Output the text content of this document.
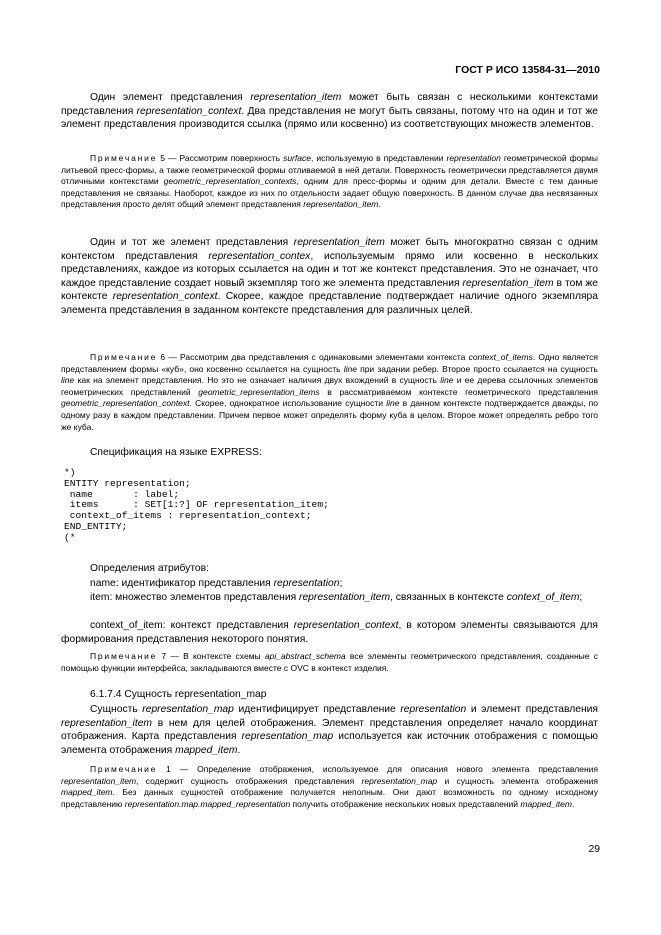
ГОСТ Р ИСО 13584-31—2010

Один элемент представления representation_item может быть связан с несколькими контекстами представления representation_context. Два представления не могут быть связаны, потому что на один и тот же элемент представления производится ссылка (прямо или косвенно) из соответствующих множеств элементов.

Примечание 5 — Рассмотрим поверхность surface, используемую в представлении representation геометрической формы литьевой пресс-формы, а также геометрической формы отливаемой в ней детали. Поверхность геометрически представляется двумя отличными контекстами geometric_representation_contexts, одним для пресс-формы и одним для детали. Вместе с тем данные представления не связаны. Наоборот, каждое из них по отдельности задает общую поверхность. В данном случае два несвязанных представления просто делят общий элемент представления representation_item.

Один и тот же элемент представления representation_item может быть многократно связан с одним контекстом представления representation_contex, используемым прямо или косвенно в нескольких представлениях, каждое из которых ссылается на один и тот же контекст представления. Это не означает, что каждое представление создает новый экземпляр того же элемента представления representation_item в том же контексте representation_context. Скорее, каждое представление подтверждает наличие одного экземпляра элемента представления в заданном контексте представления для различных целей.

Примечание 6 — Рассмотрим два представления с одинаковыми элементами контекста context_of_items. Одно является представлением формы «куб», оно косвенно ссылается на сущность line при задании ребер. Второе просто ссылается на сущность line как на элемент представления. Но это не означает наличия двух вхождений в сущность line и ее дерева ссылочных элементов геометрических представлений geometric_representation_items в рассматриваемом контексте геометрического представления geometric_representation_context. Скорее, однократное использование сущности line в данном контексте подтверждается дважды, по одному разу в каждом представлении. Причем первое может определять форму куба в целом. Второе может определять ребро того же куба.

Спецификация на языке EXPRESS:

*)
ENTITY representation;
name       : label;
items      : SET[1:?] OF representation_item;
context_of_items : representation_context;
END_ENTITY;
(*

Определения атрибутов:

name: идентификатор представления representation;

item: множество элементов представления representation_item, связанных в контексте context_of_item;

context_of_item: контекст представления representation_context, в котором элементы связываются для формирования представления некоторого понятия.

Примечание 7 — В контексте схемы api_abstract_schema все элементы геометрического представления, созданные с помощью функции интерфейса, закладываются вместе с OVC в контекст изделия.

6.1.7.4 Сущность representation_map

Сущность representation_map идентифицирует представление representation и элемент представления representation_item в нем для целей отображения. Элемент представления определяет начало координат отображения. Карта представления representation_map используется как источник отображения с помощью элемента отображения mapped_item.

Примечание 1 — Определение отображения, используемое для описания нового элемента представления representation_item, содержит сущность отображения представления representation_map и сущность элемента отображения mapped_item. Без данных сущностей отображение получается неполным. Они дают возможность по одному исходному представлению representation.map.mapped_representation получить отображение нескольких новых представлений mapped_item.

29
